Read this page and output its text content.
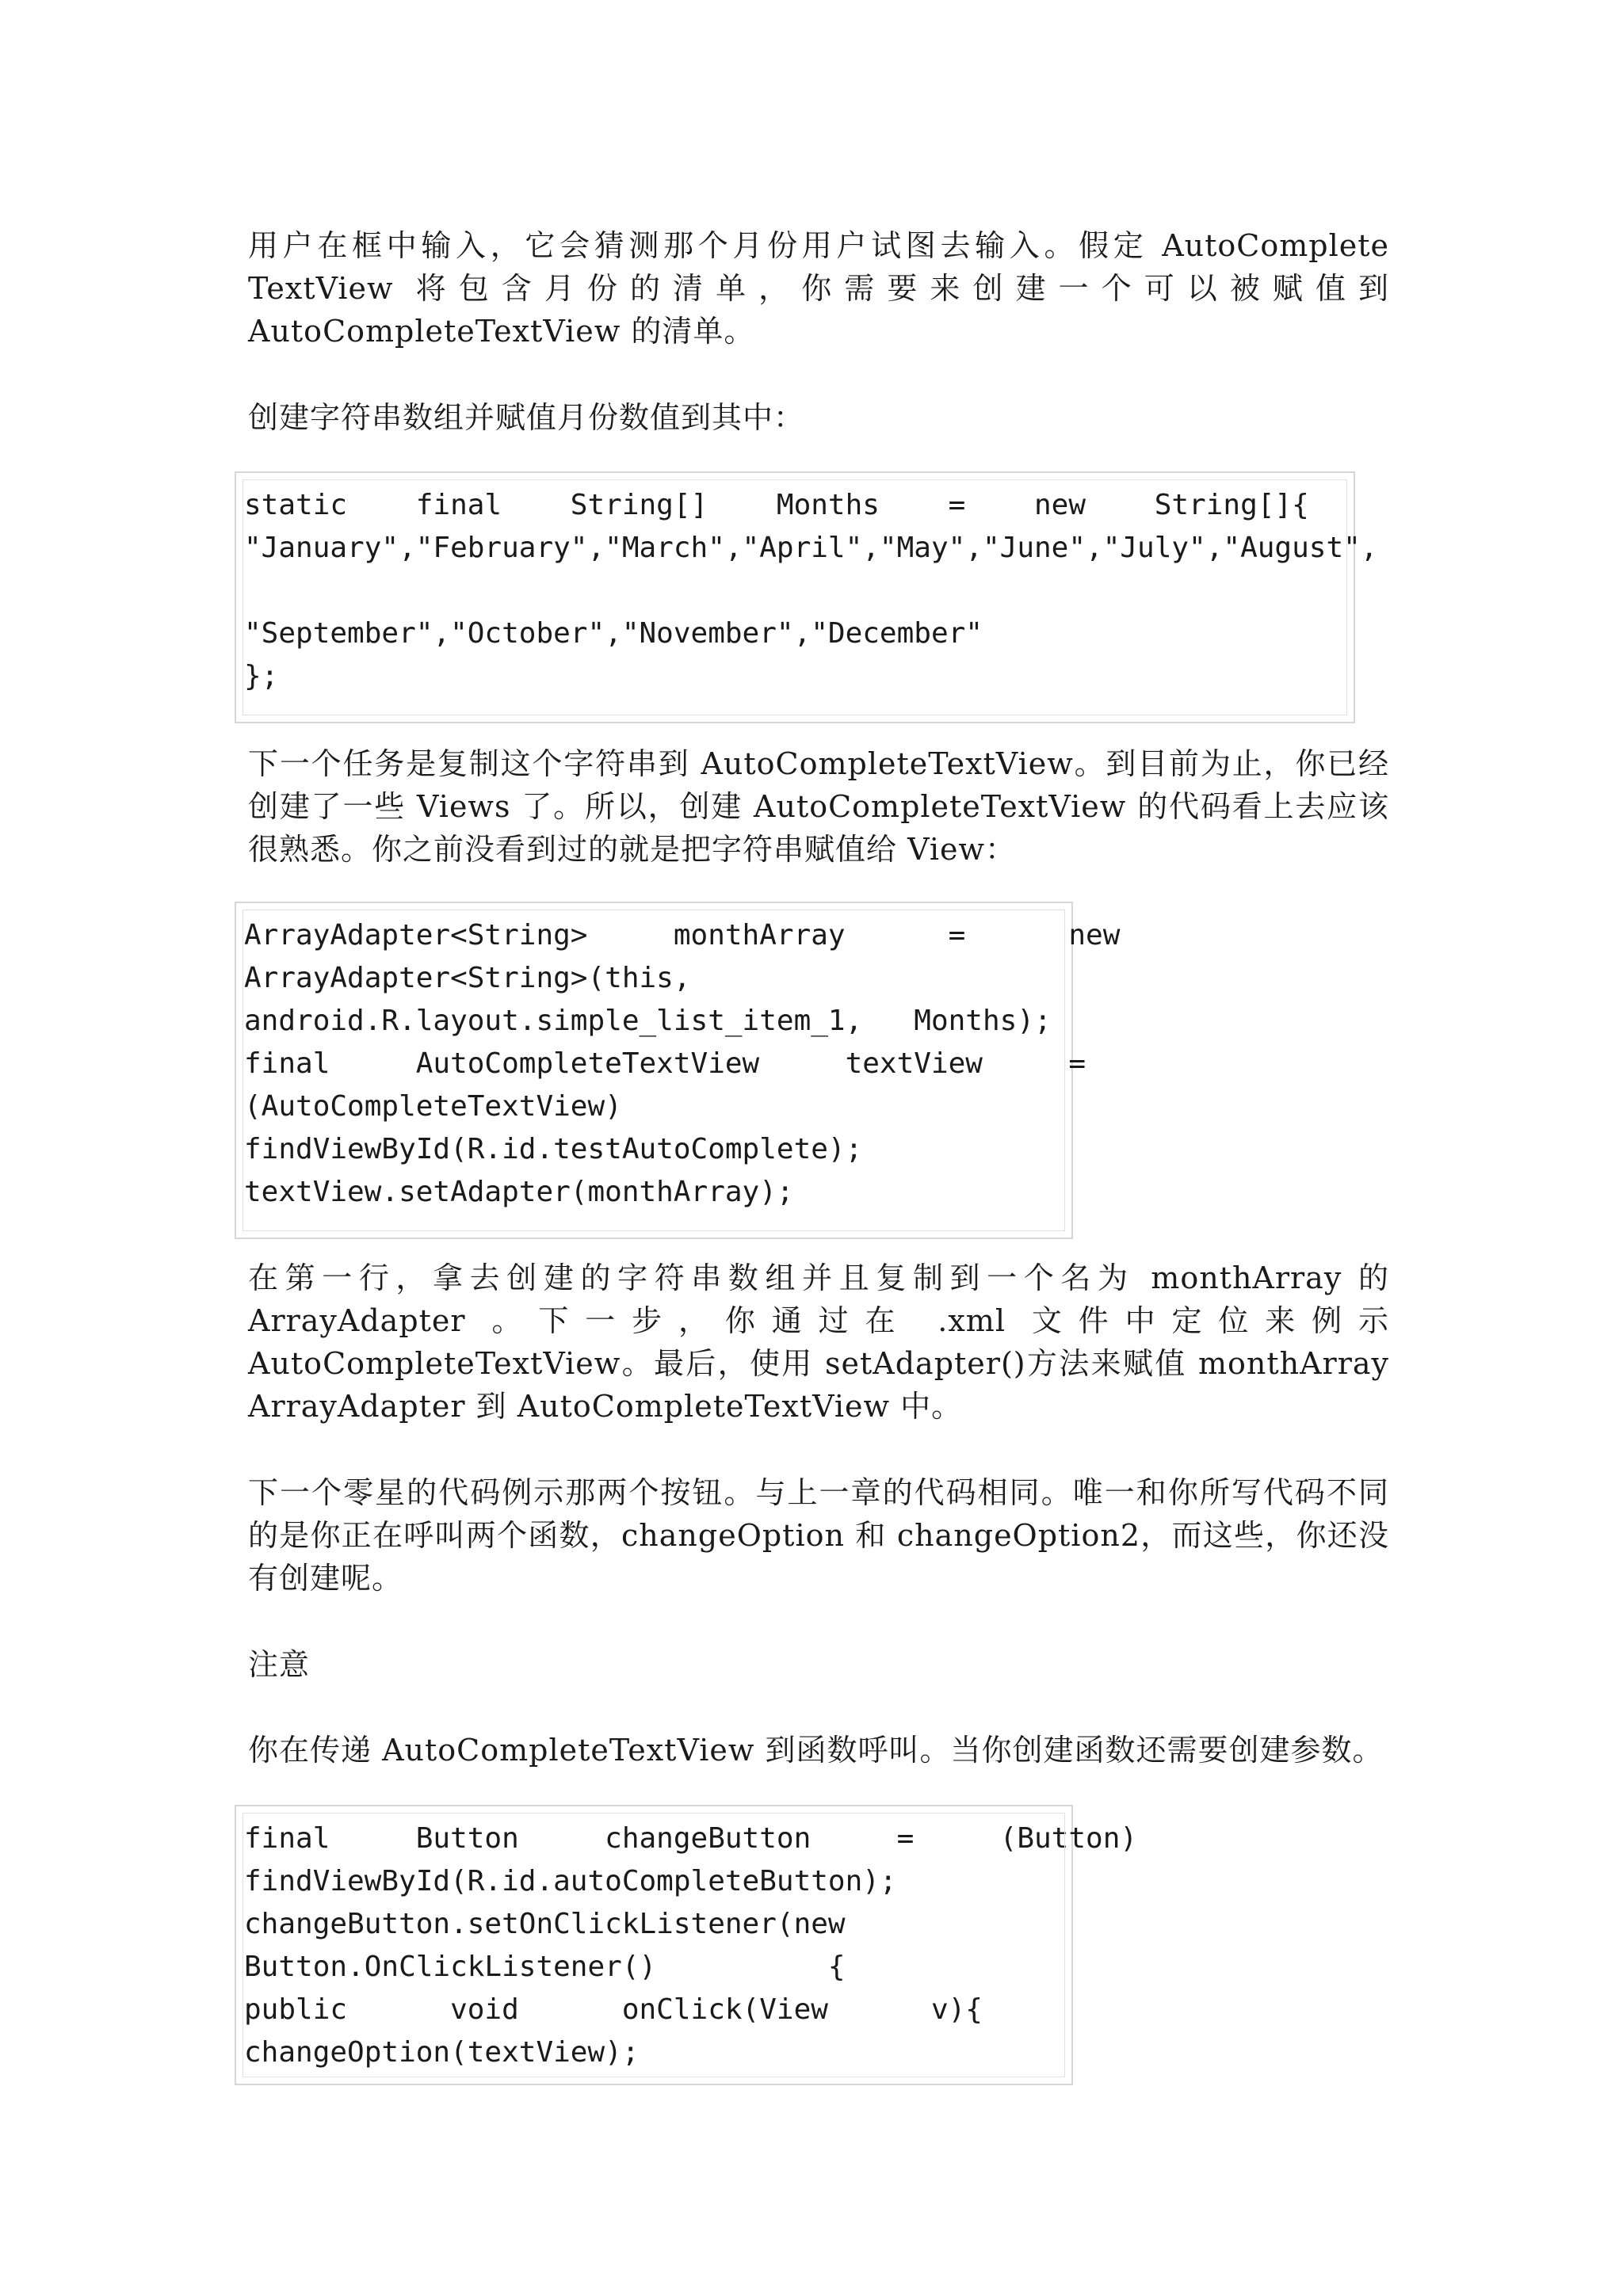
用户在框中输入，它会猜测那个月份用户试图去输入。假定 AutoComplete TextView 将包含月份的清单，你需要来创建一个可以被赋值到 AutoCompleteTextView 的清单。

创建字符串数组并赋值月份数值到其中：

static    final    String[]    Months    =    new    String[]{
"January","February","March","April","May","June","July","August",

"September","October","November","December"
};

下一个任务是复制这个字符串到 AutoCompleteTextView。到目前为止，你已经创建了一些 Views 了。所以，创建 AutoCompleteTextView 的代码看上去应该很熟悉。你之前没看到过的就是把字符串赋值给 View：

ArrayAdapter<String>     monthArray      =      new
ArrayAdapter<String>(this,
android.R.layout.simple_list_item_1,   Months);
final     AutoCompleteTextView     textView     =
(AutoCompleteTextView)
findViewById(R.id.testAutoComplete);
textView.setAdapter(monthArray);

在第一行，拿去创建的字符串数组并且复制到一个名为 monthArray 的 ArrayAdapter 。下一步，你通过在 .xml 文件中定位来例示 AutoCompleteTextView。最后，使用 setAdapter()方法来赋值 monthArray ArrayAdapter 到 AutoCompleteTextView 中。

下一个零星的代码例示那两个按钮。与上一章的代码相同。唯一和你所写代码不同的是你正在呼叫两个函数，changeOption 和 changeOption2，而这些，你还没有创建呢。

注意

你在传递 AutoCompleteTextView 到函数呼叫。当你创建函数还需要创建参数。

final     Button     changeButton     =     (Button)
findViewById(R.id.autoCompleteButton);
changeButton.setOnClickListener(new
Button.OnClickListener()          {
public      void      onClick(View      v){
changeOption(textView);
